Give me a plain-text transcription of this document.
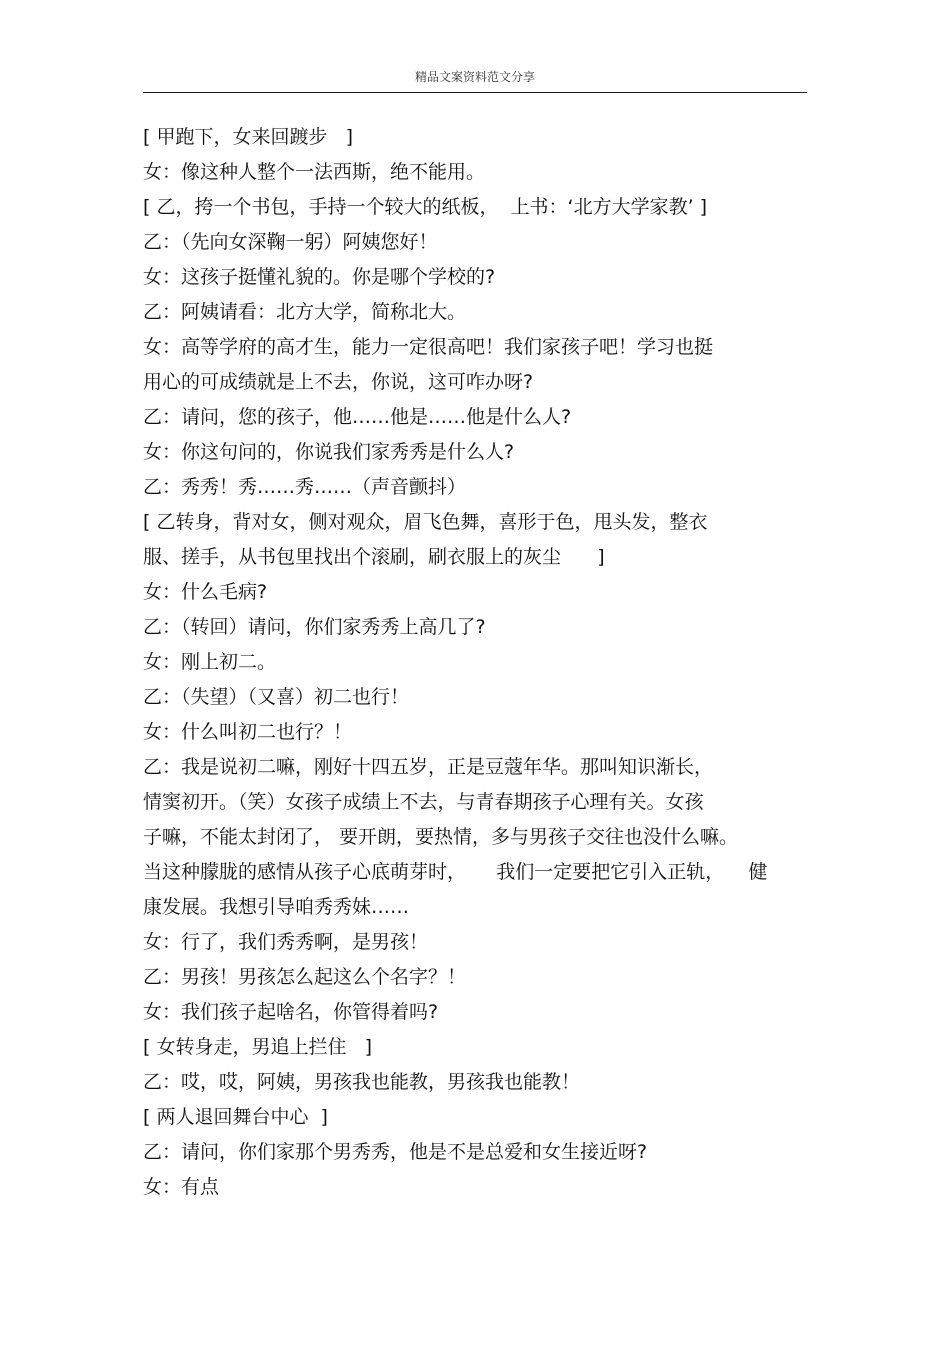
精品文案资料范文分享
[ 甲跑下，女来回踱步   ]
女：像这种人整个一法西斯，绝不能用。
[ 乙，挎一个书包，手持一个较大的纸板，  上书：‘北方大学家教’ ]
乙：（先向女深鞠一躬）阿姨您好！
女：这孩子挺懂礼貌的。你是哪个学校的?
乙：阿姨请看：北方大学，简称北大。
女：高等学府的高才生，能力一定很高吧！我们家孩子吧！学习也挺
用心的可成绩就是上不去，你说，这可咋办呀?
乙：请问，您的孩子，他……他是……他是什么人?
女：你这句问的，你说我们家秀秀是什么人?
乙：秀秀！秀……秀……（声音颤抖）
[ 乙转身，背对女，侧对观众，眉飞色舞，喜形于色，甩头发，整衣
服、搓手，从书包里找出个滚刷，刷衣服上的灰尘      ]
女：什么毛病?
乙：（转回）请问，你们家秀秀上高几了?
女：刚上初二。
乙：（失望）（又喜）初二也行！
女：什么叫初二也行？！
乙：我是说初二嘛，刚好十四五岁，正是豆蔻年华。那叫知识渐长，
情窦初开。（笑）女孩子成绩上不去，与青春期孩子心理有关。女孩
子嘛，不能太封闭了， 要开朗，要热情，多与男孩子交往也没什么嘛。
当这种朦胧的感情从孩子心底萌芽时，     我们一定要把它引入正轨，    健
康发展。我想引导咱秀秀妹……
女：行了，我们秀秀啊，是男孩！
乙：男孩！男孩怎么起这么个名字？！
女：我们孩子起啥名，你管得着吗?
[ 女转身走，男追上拦住   ]
乙：哎，哎，阿姨，男孩我也能教，男孩我也能教！
[ 两人退回舞台中心  ]
乙：请问，你们家那个男秀秀，他是不是总爱和女生接近呀?
女：有点
